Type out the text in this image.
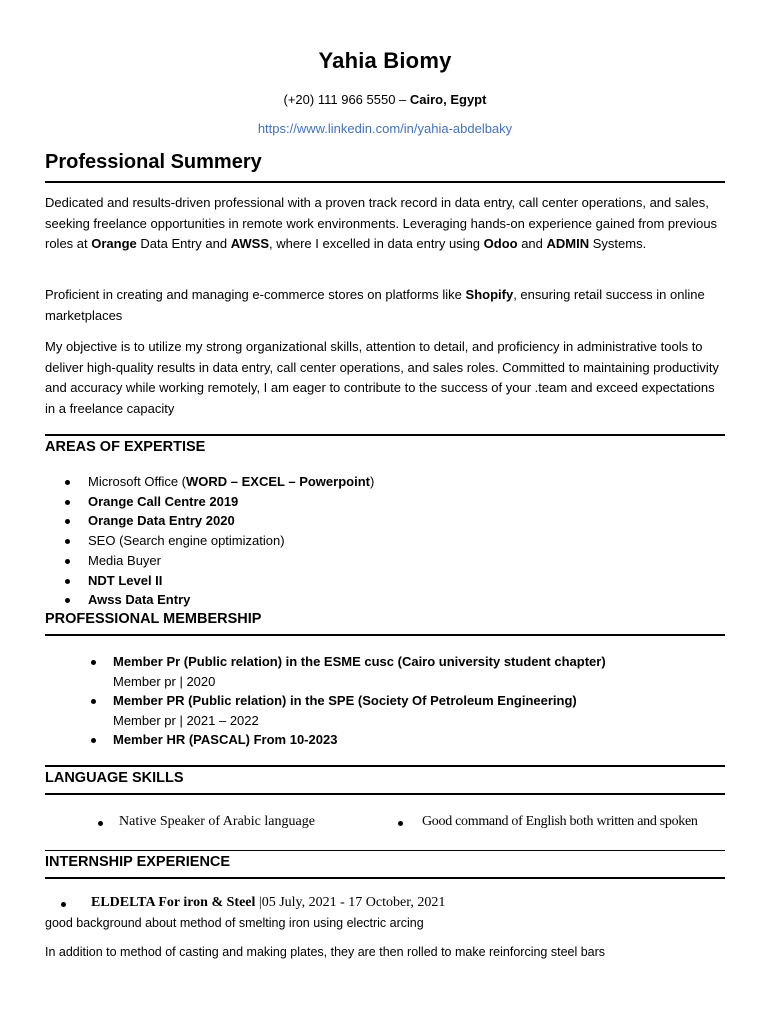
Yahia Biomy
(+20) 111 966 5550 – Cairo, Egypt
https://www.linkedin.com/in/yahia-abdelbaky
Professional Summery
Dedicated and results-driven professional with a proven track record in data entry, call center operations, and sales, seeking freelance opportunities in remote work environments. Leveraging hands-on experience gained from previous roles at Orange Data Entry and AWSS, where I excelled in data entry using Odoo and ADMIN Systems.
Proficient in creating and managing e-commerce stores on platforms like Shopify, ensuring retail success in online marketplaces
My objective is to utilize my strong organizational skills, attention to detail, and proficiency in administrative tools to deliver high-quality results in data entry, call center operations, and sales roles. Committed to maintaining productivity and accuracy while working remotely, I am eager to contribute to the success of your .team and exceed expectations in a freelance capacity
AREAS OF EXPERTISE
Microsoft Office (WORD – EXCEL – Powerpoint)
Orange Call Centre 2019
Orange Data Entry 2020
SEO (Search engine optimization)
Media Buyer
NDT Level II
Awss Data Entry
PROFESSIONAL MEMBERSHIP
Member Pr (Public relation) in the ESME cusc (Cairo university student chapter)
Member pr | 2020
Member PR (Public relation) in the SPE (Society Of Petroleum Engineering)
Member pr | 2021 – 2022
Member HR (PASCAL) From 10-2023
LANGUAGE SKILLS
Native Speaker of Arabic language	Good command of English both written and spoken
INTERNSHIP EXPERIENCE
ELDELTA For iron & Steel |05 July, 2021 - 17 October, 2021
good background about method of smelting iron using electric arcing
In addition to method of casting and making plates, they are then rolled to make reinforcing steel bars
